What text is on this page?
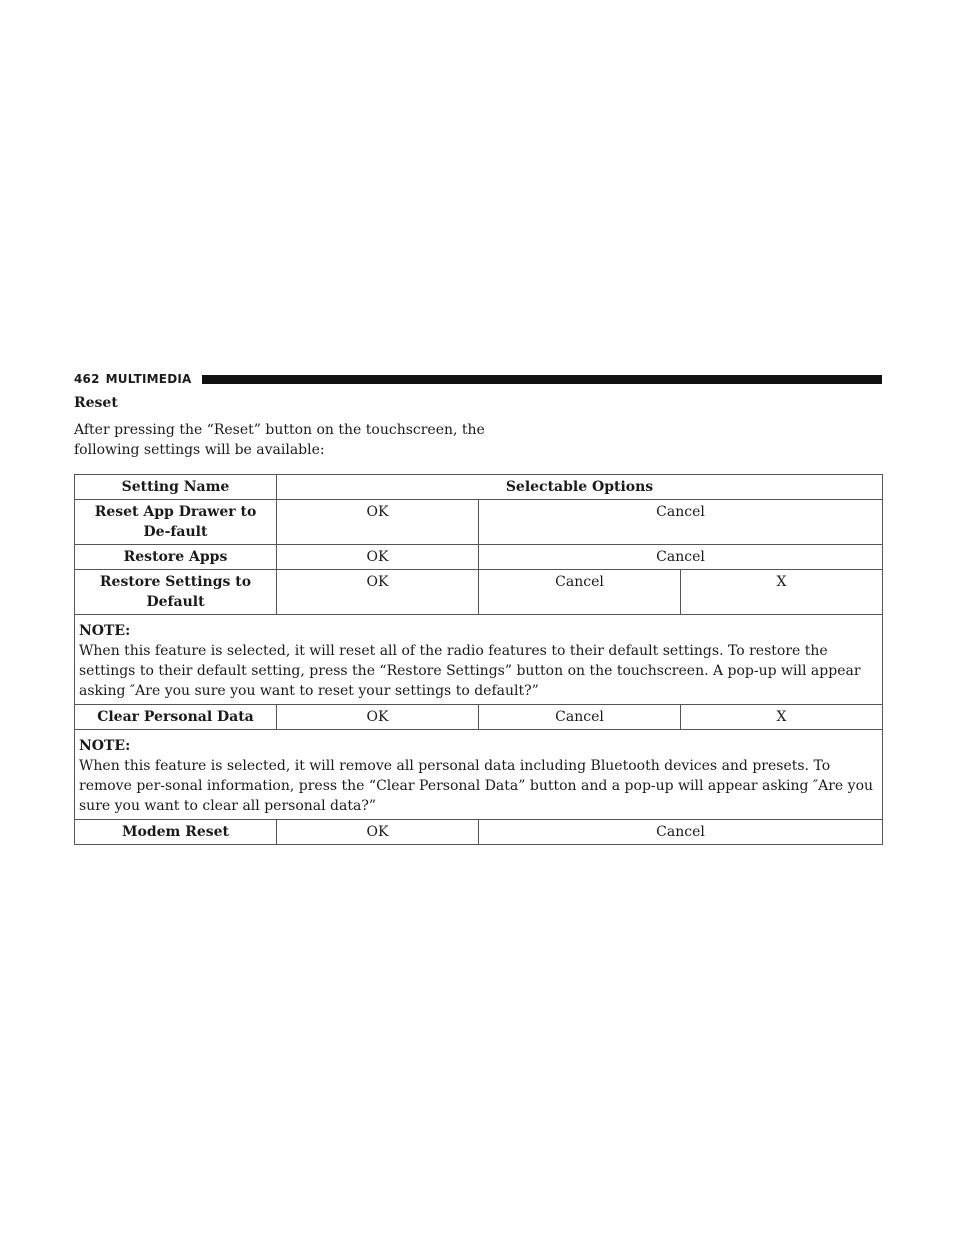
462 MULTIMEDIA
Reset

After pressing the “Reset” button on the touchscreen, the following settings will be available:

Setting Name	Selectable Options		
Reset App Drawer to De-fault	OK	Cancel	
Restore Apps	OK	Cancel	
Restore Settings to Default	OK	Cancel	X

NOTE:
When this feature is selected, it will reset all of the radio features to their default settings. To restore the settings to their default setting, press the “Restore Settings” button on the touchscreen. A pop-up will appear asking ″Are you sure you want to reset your settings to default?”			
Clear Personal Data	OK	Cancel	X

NOTE:
When this feature is selected, it will remove all personal data including Bluetooth devices and presets. To remove per-sonal information, press the “Clear Personal Data” button and a pop-up will appear asking ″Are you sure you want to clear all personal data?”			
Modem Reset	OK	Cancel	
